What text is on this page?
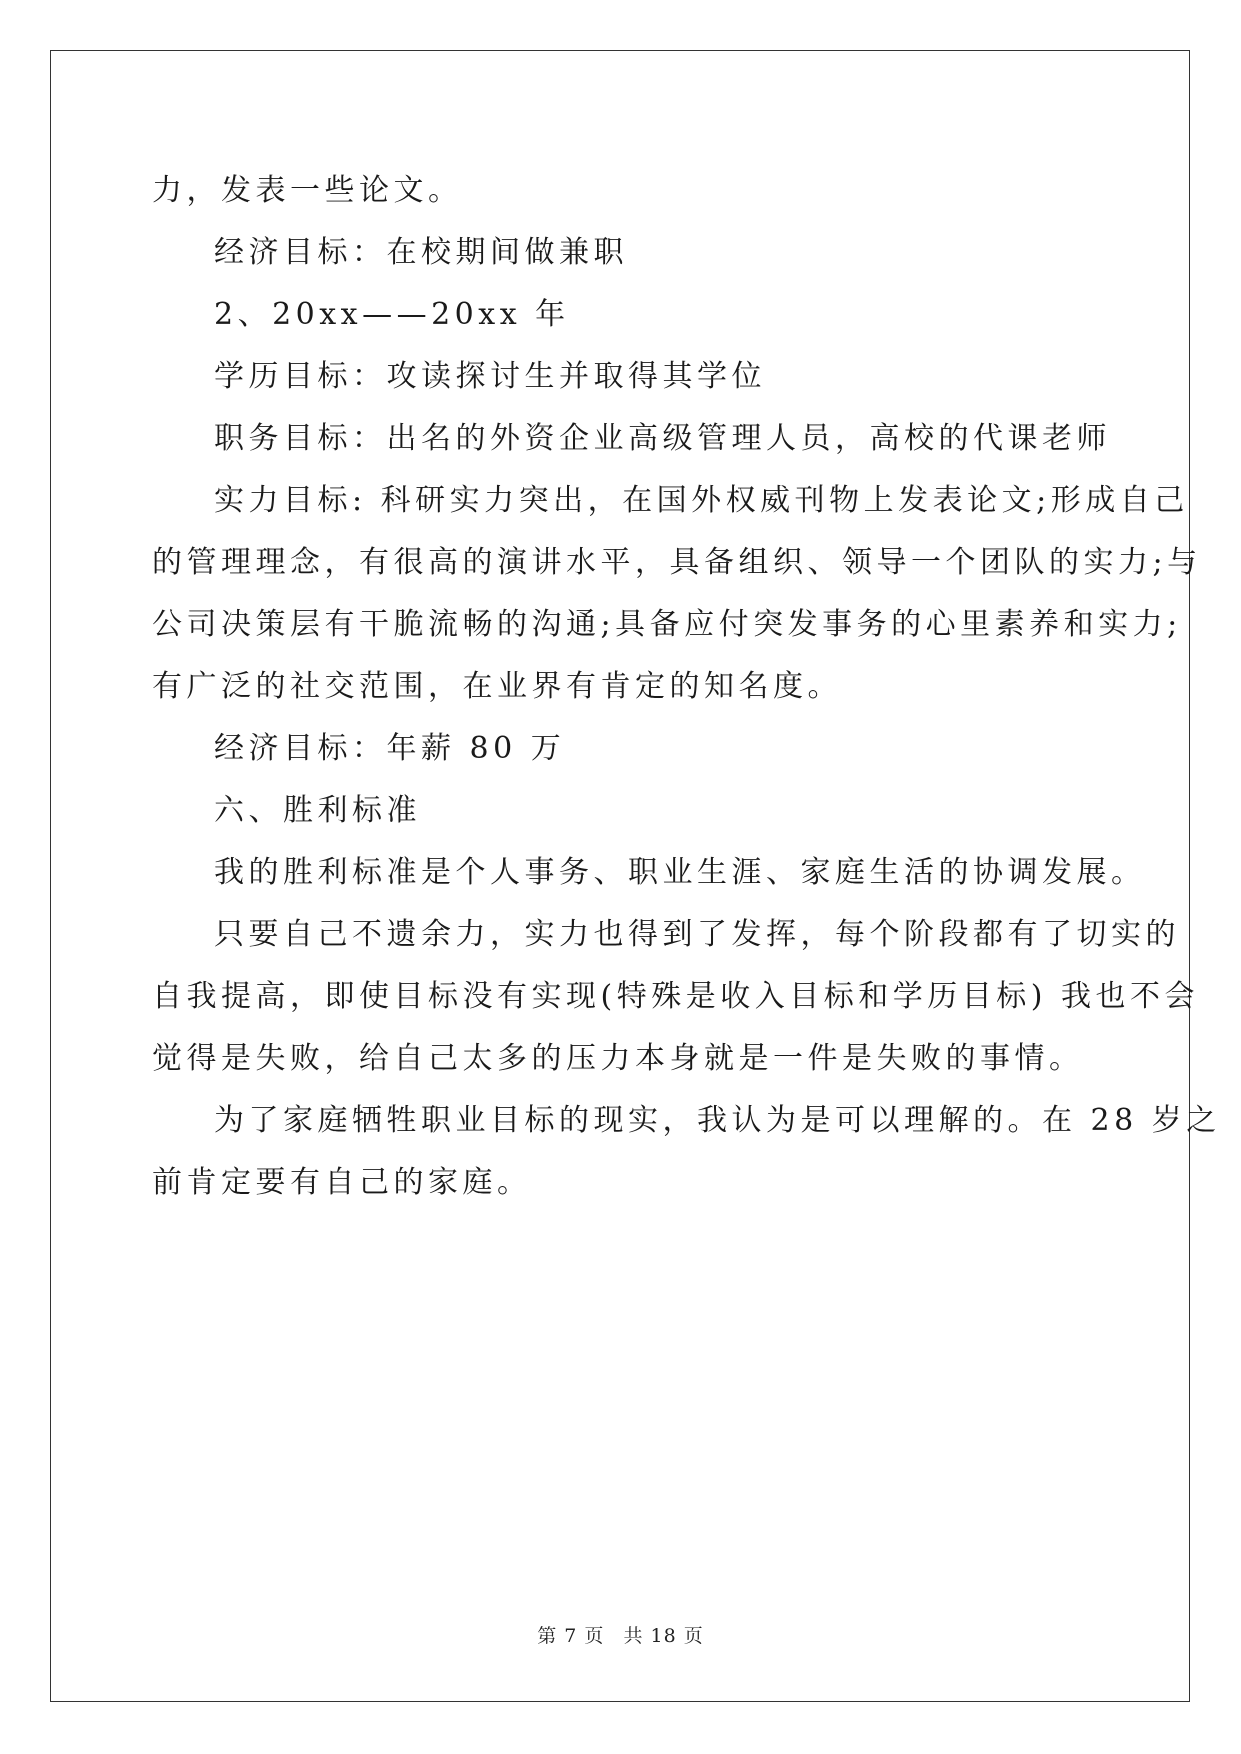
力，发表一些论文。
经济目标：在校期间做兼职
2、20xx——20xx 年
学历目标：攻读探讨生并取得其学位
职务目标：出名的外资企业高级管理人员，高校的代课老师
实力目标: 科研实力突出，在国外权威刊物上发表论文;形成自己
的管理理念，有很高的演讲水平，具备组织、领导一个团队的实力;与
公司决策层有干脆流畅的沟通;具备应付突发事务的心里素养和实力;
有广泛的社交范围，在业界有肯定的知名度。
经济目标：年薪 80 万
六、胜利标准
我的胜利标准是个人事务、职业生涯、家庭生活的协调发展。
只要自己不遗余力，实力也得到了发挥，每个阶段都有了切实的
自我提高，即使目标没有实现(特殊是收入目标和学历目标) 我也不会
觉得是失败，给自己太多的压力本身就是一件是失败的事情。
为了家庭牺牲职业目标的现实，我认为是可以理解的。在 28 岁之
前肯定要有自己的家庭。
第 7 页 共 18 页
